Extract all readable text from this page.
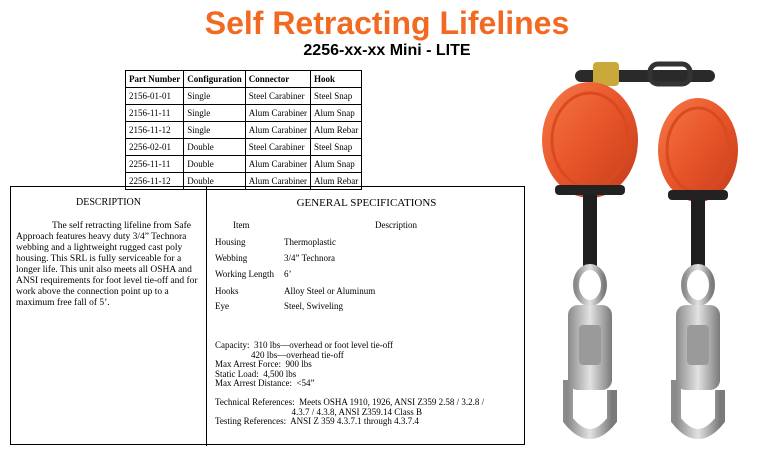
Self Retracting Lifelines
2256-xx-xx Mini - LITE
Part Number	Configuration	Connector	Hook
2156-01-01	Single	Steel Carabiner	Steel Snap
2156-11-11	Single	Alum Carabiner	Alum Snap
2156-11-12	Single	Alum Carabiner	Alum Rebar
2256-02-01	Double	Steel Carabiner	Steel Snap
2256-11-11	Double	Alum Carabiner	Alum Snap
2256-11-12	Double	Alum Carabiner	Alum Rebar
DESCRIPTION
The self retracting lifeline from Safe Approach features heavy duty 3/4” Technora webbing and a lightweight rugged cast poly housing. This SRL is fully serviceable for a longer life. This unit also meets all OSHA and ANSI requirements for foot level tie-off and for work above the connection point up to a maximum free fall of 5’.
GENERAL SPECIFICATIONS
Item	Description
Housing	Thermoplastic
Webbing	3/4” Technora
Working Length 6’
Hooks	Alloy Steel or Aluminum
Eye	Steel, Swiveling
Capacity:  310 lbs—overhead or foot level tie-off
420 lbs—overhead tie-off
Max Arrest Force:  900 lbs
Static Load:  4,500 lbs
Max Arrest Distance:  <54”
Technical References:  Meets OSHA 1910, 1926, ANSI Z359 2.58 / 3.2.8 /
4.3.7 / 4.3.8, ANSI Z359.14 Class B
Testing References:  ANSI Z 359 4.3.7.1 through 4.3.7.4
